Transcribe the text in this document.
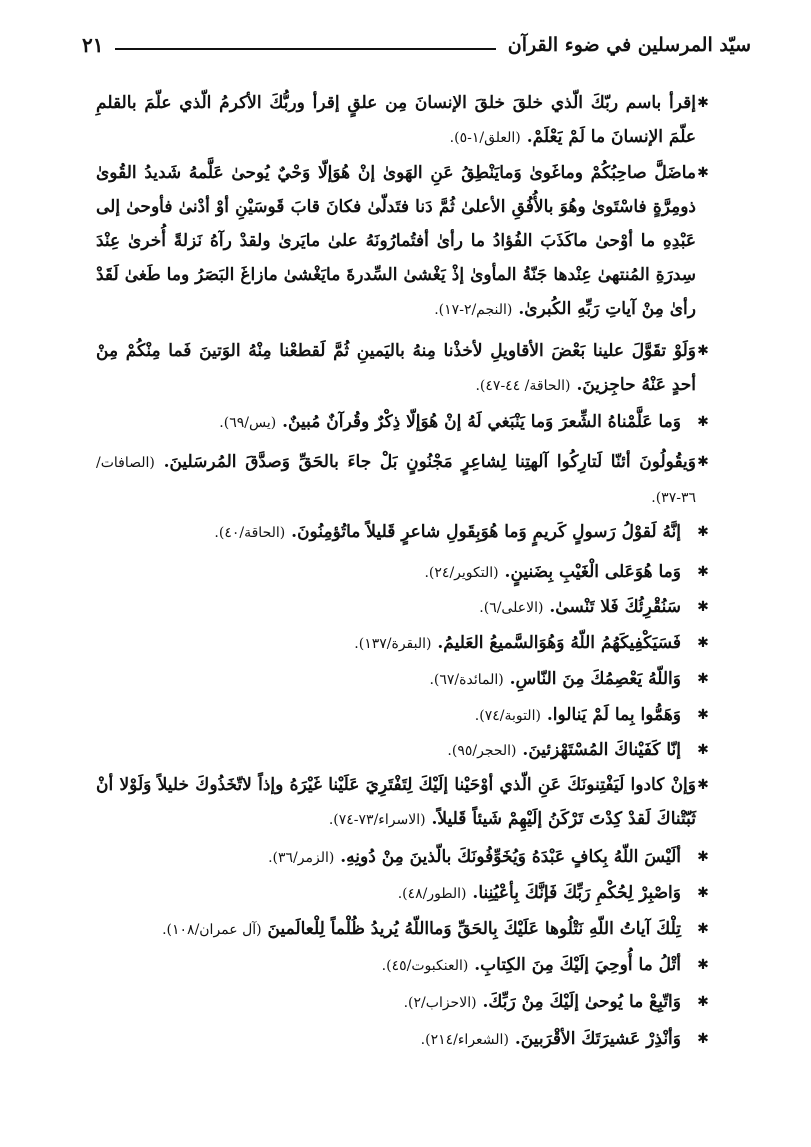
سيّد المرسلين في ضوء القرآن
٢١
✱
إقرأ باسم ربّكَ الّذي خلقَ خلقَ الإنسانَ مِن علقٍ إقرأ وربُّكَ الأكرمُ الّذي علّمَ بالقلمِ علّمَ الإنسانَ ما لَمْ يَعْلَمْ. (العلق/١-٥).
✱
ماضَلَّ صاحِبُكُمْ وماغَوىٰ وَمايَنْطِقُ عَنِ الهَوىٰ إنْ هُوَإلّا وَحْيٌ يُوحىٰ عَلَّمهُ شَديدُ القُوىٰ ذومِرَّةٍ فاسْتَوىٰ وهُوَ بالأُفُقِ الأعلىٰ ثُمَّ دَنا فتَدلّىٰ فكانَ قابَ قَوسَيْنِ أوْ أدْنىٰ فأوحىٰ إلى عَبْدِهِ ما أوْحىٰ ماكَذَبَ الفُؤادُ ما رأىٰ أفتُمارُونَهُ علىٰ مايَرىٰ ولقدْ رآهُ نَزلةً أُخرىٰ عِنْدَ سِدرَةِ المُنتهىٰ عِنْدها جَنّةُ المأوىٰ إذْ يَغْشىٰ السِّدرةَ مايَغْشىٰ مازاغَ البَصَرُ وما طَغىٰ لَقَدْ رأىٰ مِنْ آياتِ رَبِّهِ الكُبرىٰ. (النجم/٢-١٧).
✱
وَلَوْ تقَوَّلَ علينا بَعْضَ الأقاويلِ لأخذْنا مِنهُ باليَمينِ ثُمَّ لَقطعْنا مِنْهُ الوَتينَ فَما مِنْكُمْ مِنْ أحدٍ عَنْهُ حاجِزينَ. (الحاقة/ ٤٤-٤٧).
✱
وَما عَلَّمْناهُ الشِّعرَ وَما يَنْبَغي لَهُ إنْ هُوَإلّا ذِكْرٌ وقُرآنٌ مُبينٌ. (يس/٦٩).
✱
وَيقُولُونَ أئنّا لَتارِكُوا آلهتِنا لِشاعِرٍ مَجْنُونٍ بَلْ جاءَ بالحَقِّ وَصدَّقَ المُرسَلينَ. (الصافات/٣٦-٣٧).
✱
إنَّهُ لَقوْلُ رَسولٍ كَريمٍ وَما هُوَبِقَولِ شاعرٍ قَليلاً ماتُؤمِنُونَ. (الحاقة/٤٠).
✱
وَما هُوَعَلى الْغَيْبِ بِضَنينٍ. (التكوير/٢٤).
✱
سَنُقْرِئُكَ فَلا تَنْسىٰ. (الاعلى/٦).
✱
فَسَيَكْفِيكَهُمُ اللّهُ وَهُوَالسَّميعُ العَليمُ. (البقرة/١٣٧).
✱
وَاللّهُ يَعْصِمُكَ مِنَ النّاسِ. (المائدة/٦٧).
✱
وَهَمُّوا بِما لَمْ يَنالوا. (التوبة/٧٤).
✱
إنّا كَفَيْناكَ المُسْتَهْزئينَ. (الحجر/٩٥).
✱
وَإنْ كادوا لَيَفْتِنونَكَ عَنِ الّذي أوْحَيْنا إلَيْكَ لِتَفْتَرِيَ عَلَيْنا غَيْرَهُ وإذاً لاتّخَذُوكَ خليلاً وَلَوْلا أنْ ثَبّتْناكَ لَقدْ كِدْتَ تَرْكَنُ إلَيْهِمْ شَيئاً قَليلاً. (الاسراء/٧٣-٧٤).
✱
ألَيْسَ اللّهُ بِكافٍ عَبْدَهُ وَيُخَوِّفُونَكَ بالّذينَ مِنْ دُونِهِ. (الزمر/٣٦).
✱
وَاصْبِرْ لِحُكْمِ رَبِّكَ فَإنَّكَ بِأعْيُنِنا. (الطور/٤٨).
✱
تِلْكَ آياتُ اللّهِ نَتْلُوها عَلَيْكَ بِالحَقِّ وَمااللّهُ يُريدُ ظُلْماً لِلْعالَمينَ (آل عمران/١٠٨).
✱
أتْلُ ما أُوحِيَ إلَيْكَ مِنَ الكِتابِ. (العنكبوت/٤٥).
✱
وَاتّبِعْ ما يُوحىٰ إلَيْكَ مِنْ رَبِّكَ. (الاحزاب/٢).
✱
وَأنْذِرْ عَشيرَتَكَ الأقْرَبينَ. (الشعراء/٢١٤).
